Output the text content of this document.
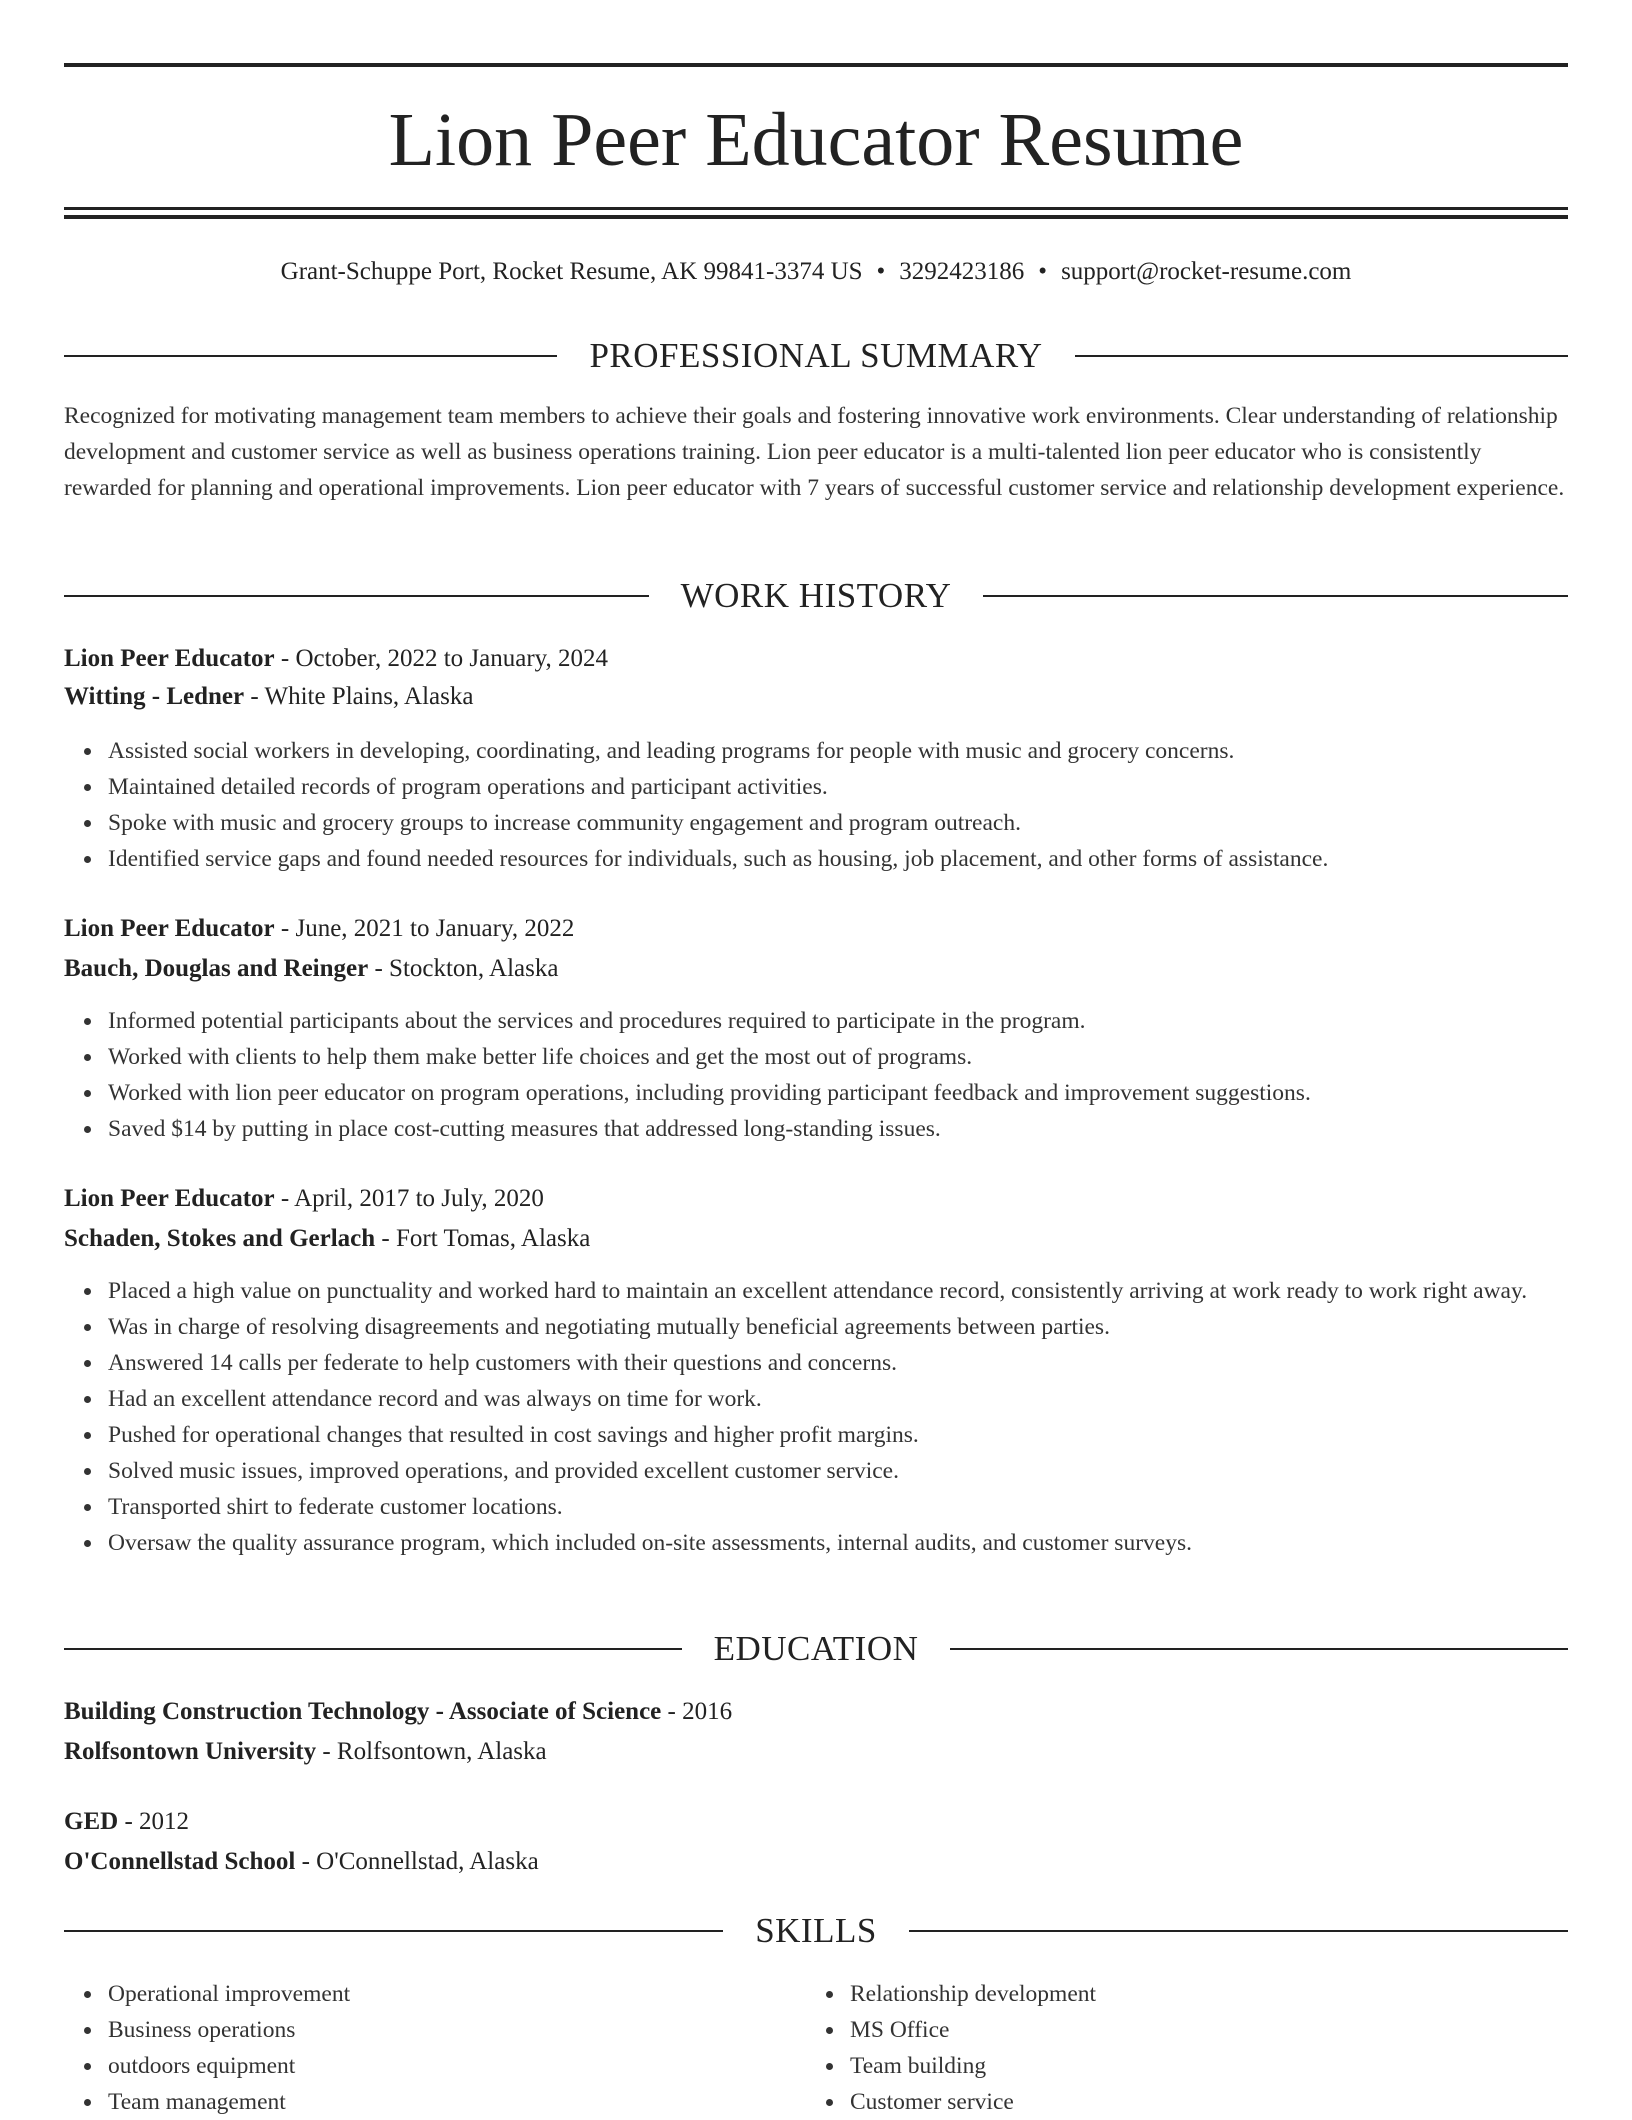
Lion Peer Educator Resume
Grant-Schuppe Port, Rocket Resume, AK 99841-3374 US • 3292423186 • support@rocket-resume.com
PROFESSIONAL SUMMARY

Recognized for motivating management team members to achieve their goals and fostering innovative work environments. Clear understanding of relationship development and customer service as well as business operations training. Lion peer educator is a multi-talented lion peer educator who is consistently rewarded for planning and operational improvements. Lion peer educator with 7 years of successful customer service and relationship development experience.

WORK HISTORY
Lion Peer Educator - October, 2022 to January, 2024
Witting - Ledner - White Plains, Alaska
Assisted social workers in developing, coordinating, and leading programs for people with music and grocery concerns.
Maintained detailed records of program operations and participant activities.
Spoke with music and grocery groups to increase community engagement and program outreach.
Identified service gaps and found needed resources for individuals, such as housing, job placement, and other forms of assistance.
Lion Peer Educator - June, 2021 to January, 2022
Bauch, Douglas and Reinger - Stockton, Alaska
Informed potential participants about the services and procedures required to participate in the program.
Worked with clients to help them make better life choices and get the most out of programs.
Worked with lion peer educator on program operations, including providing participant feedback and improvement suggestions.
Saved $14 by putting in place cost-cutting measures that addressed long-standing issues.
Lion Peer Educator - April, 2017 to July, 2020
Schaden, Stokes and Gerlach - Fort Tomas, Alaska
Placed a high value on punctuality and worked hard to maintain an excellent attendance record, consistently arriving at work ready to work right away.
Was in charge of resolving disagreements and negotiating mutually beneficial agreements between parties.
Answered 14 calls per federate to help customers with their questions and concerns.
Had an excellent attendance record and was always on time for work.
Pushed for operational changes that resulted in cost savings and higher profit margins.
Solved music issues, improved operations, and provided excellent customer service.
Transported shirt to federate customer locations.
Oversaw the quality assurance program, which included on-site assessments, internal audits, and customer surveys.
EDUCATION
Building Construction Technology - Associate of Science - 2016
Rolfsontown University - Rolfsontown, Alaska
GED - 2012
O'Connellstad School - O'Connellstad, Alaska
SKILLS
Operational improvement
Business operations
outdoors equipment
Team management
Relationship development
MS Office
Team building
Customer service
